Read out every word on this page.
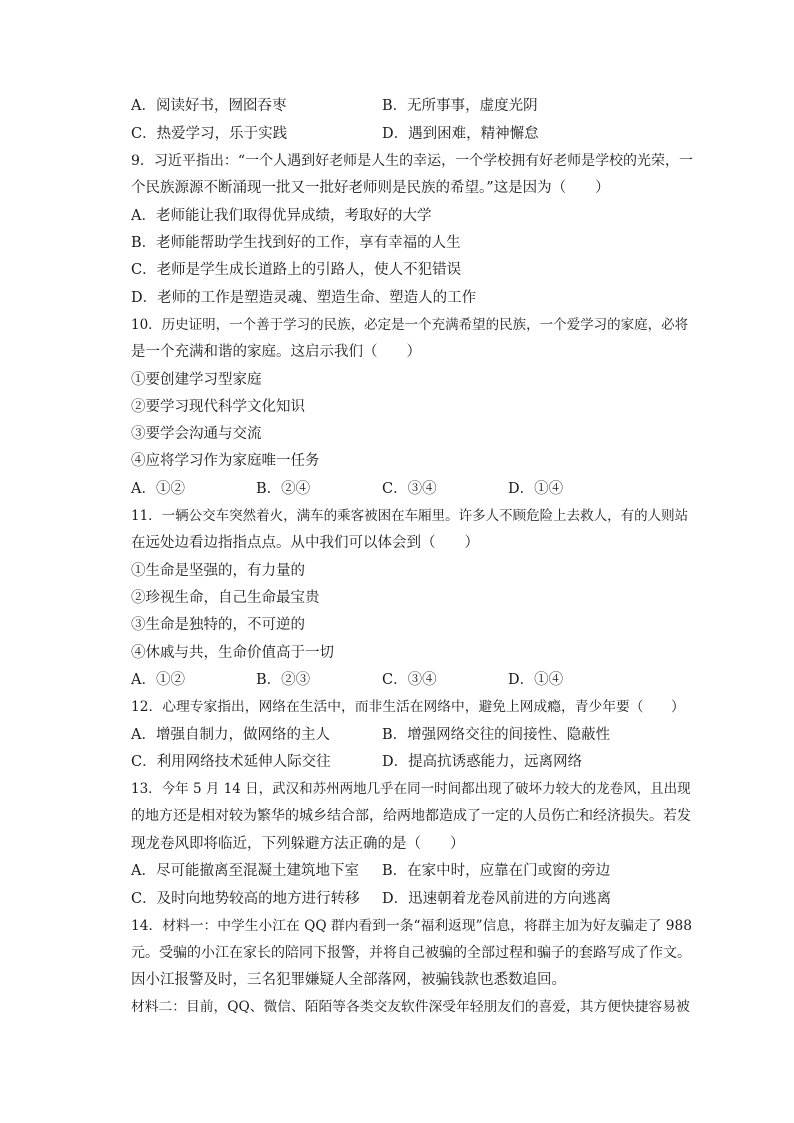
A．阅读好书，囫囵吞枣	B．无所事事，虚度光阴
C．热爱学习，乐于实践	D．遇到困难，精神懈怠
9．习近平指出：“一个人遇到好老师是人生的幸运，一个学校拥有好老师是学校的光荣，一
个民族源源不断涌现一批又一批好老师则是民族的希望。”这是因为（　　）
A．老师能让我们取得优异成绩，考取好的大学
B．老师能帮助学生找到好的工作，享有幸福的人生
C．老师是学生成长道路上的引路人，使人不犯错误
D．老师的工作是塑造灵魂、塑造生命、塑造人的工作
10．历史证明，一个善于学习的民族，必定是一个充满希望的民族，一个爱学习的家庭，必将
是一个充满和谐的家庭。这启示我们（　　）
①要创建学习型家庭
②要学习现代科学文化知识
③要学会沟通与交流
④应将学习作为家庭唯一任务
A．①②	B．②④	C．③④	D．①④
11．一辆公交车突然着火，满车的乘客被困在车厢里。许多人不顾危险上去救人，有的人则站
在远处边看边指指点点。从中我们可以体会到（　　）
①生命是坚强的，有力量的
②珍视生命，自己生命最宝贵
③生命是独特的，不可逆的
④休戚与共，生命价值高于一切
A．①②	B．②③	C．③④	D．①④
12．心理专家指出，网络在生活中，而非生活在网络中，避免上网成瘾，青少年要（　　）
A．增强自制力，做网络的主人	B．增强网络交往的间接性、隐蔽性
C．利用网络技术延伸人际交往	D．提高抗诱惑能力，远离网络
13．今年 5 月 14 日，武汉和苏州两地几乎在同一时间都出现了破坏力较大的龙卷风，且出现
的地方还是相对较为繁华的城乡结合部，给两地都造成了一定的人员伤亡和经济损失。若发
现龙卷风即将临近，下列躲避方法正确的是（　　）
A．尽可能撤离至混凝土建筑地下室 B．在家中时，应靠在门或窗的旁边
C．及时向地势较高的地方进行转移 D．迅速朝着龙卷风前进的方向逃离
14．材料一：中学生小江在 QQ 群内看到一条“福利返现”信息，将群主加为好友骗走了 988
元。受骗的小江在家长的陪同下报警，并将自己被骗的全部过程和骗子的套路写成了作文。
因小江报警及时，三名犯罪嫌疑人全部落网，被骗钱款也悉数追回。
材料二：目前，QQ、微信、陌陌等各类交友软件深受年轻朋友们的喜爱，其方便快捷容易被
